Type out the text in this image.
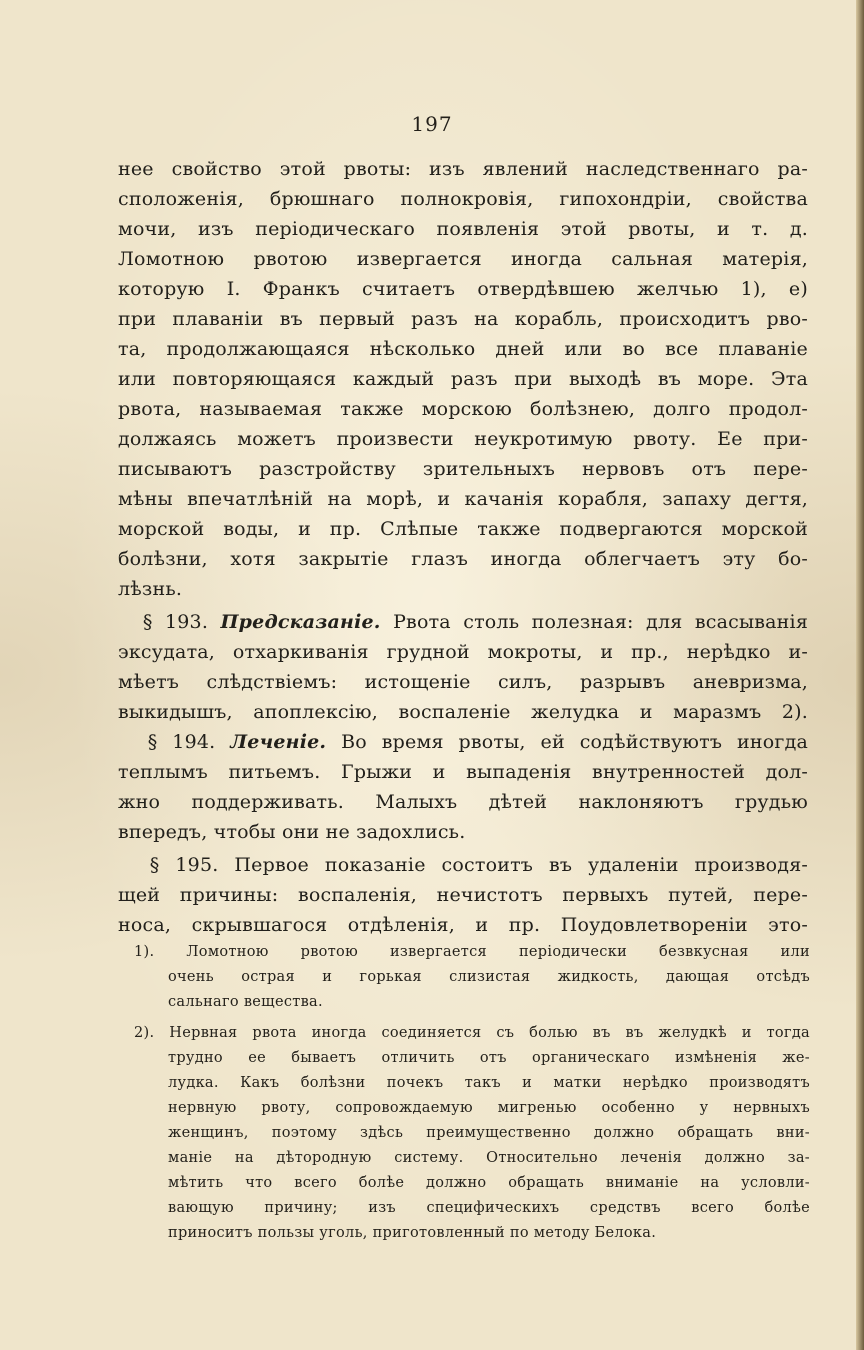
197
нее свойство этой рвоты: изъ явлений наследственнаго ра-
сположенія, брюшнаго полнокровія, гипохондріи, свойства
мочи, изъ періодическаго появленія этой рвоты, и т. д.
Ломотною рвотою извергается иногда сальная матерія,
которую І. Франкъ считаетъ отвердѣвшею желчью 1), е)
при плаваніи въ первый разъ на корабль, происходитъ рво-
та, продолжающаяся нѣсколько дней или во все плаваніе
или повторяющаяся каждый разъ при выходѣ въ море. Эта
рвота, называемая также морскою болѣзнею, долго продол-
должаясь можетъ произвести неукротимую рвоту. Ее при-
писываютъ разстройству зрительныхъ нервовъ отъ пере-
мѣны впечатлѣній на морѣ, и качанія корабля, запаху дегтя,
морской воды, и пр. Слѣпые также подвергаются морской
болѣзни, хотя закрытіе глазъ иногда облегчаетъ эту бо-
лѣзнь.
§ 193. Предсказаніе. Рвота столь полезная: для всасыванія
эксудата, отхаркиванія грудной мокроты, и пр., нерѣдко и-
мѣетъ слѣдствіемъ: истощеніе силъ, разрывъ аневризма,
выкидышъ, апоплексію, воспаленіе желудка и маразмъ 2).
§ 194. Леченіе. Во время рвоты, ей содѣйствуютъ иногда
теплымъ питьемъ. Грыжи и выпаденія внутренностей дол-
жно поддерживать. Малыхъ дѣтей наклоняютъ грудью
впередъ, чтобы они не задохлись.
§ 195. Первое показаніе состоитъ въ удаленіи производя-
щей причины: воспаленія, нечистотъ первыхъ путей, пере-
носа, скрывшагося отдѣленія, и пр. Поудовлетвореніи это-
1). Ломотною рвотою извергается періодически безвкусная или
очень острая и горькая слизистая жидкость, дающая отсѣдъ
сальнаго вещества.
2). Нервная рвота иногда соединяется съ болью въ въ желудкѣ и тогда
трудно ее бываетъ отличить отъ органическаго измѣненія же-
лудка. Какъ болѣзни почекъ такъ и матки нерѣдко производятъ
нервную рвоту, сопровождаемую мигренью особенно у нервныхъ
женщинъ, поэтому здѣсь преимущественно должно обращать вни-
маніе на дѣтородную систему. Относительно леченія должно за-
мѣтить что всего болѣе должно обращать вниманіе на условли-
вающую причину; изъ специфическихъ средствъ всего болѣе
приноситъ пользы уголь, приготовленный по методу Белока.
